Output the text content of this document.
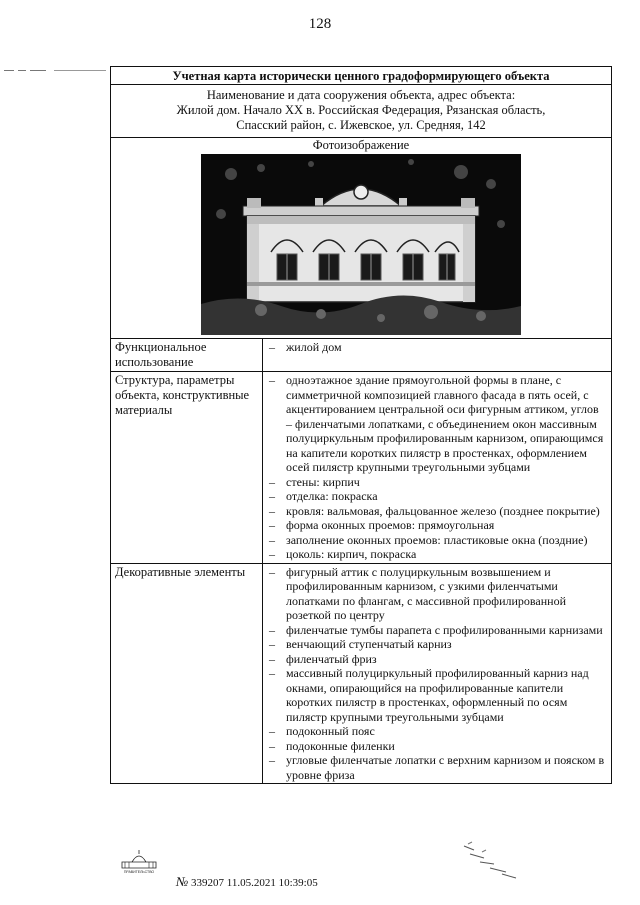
128
Учетная карта исторически ценного градоформирующего объекта
Наименование и дата сооружения объекта, адрес объекта:
Жилой дом. Начало XX в. Российская Федерация, Рязанская область,
Спасский район, с. Ижевское, ул. Средняя, 142
Фотоизображение
Функциональное использование
– жилой дом
Структура, параметры объекта, конструктивные материалы
– одноэтажное здание прямоугольной формы в плане, с симметричной композицией главного фасада в пять осей, с акцентированием центральной оси фигурным аттиком, углов – филенчатыми лопатками, с объединением окон массивным полуциркульным профилированным карнизом, опирающимся на капители коротких пилястр в простенках, оформлением осей пилястр крупными треугольными зубцами
– стены: кирпич
– отделка: покраска
– кровля: вальмовая, фальцованное железо (позднее покрытие)
– форма оконных проемов: прямоугольная
– заполнение оконных проемов: пластиковые окна (поздние)
– цоколь: кирпич, покраска
Декоративные элементы	– фигурный аттик с полуциркульным возвышением и профилированным карнизом, с узкими филенчатыми лопатками по флангам, с массивной профилированной розеткой по центру
– филенчатые тумбы парапета с профилированными карнизами
– венчающий ступенчатый карниз
– филенчатый фриз
– массивный полуциркульный профилированный карниз над окнами, опирающийся на профилированные капители коротких пилястр в простенках, оформленный по осям пилястр крупными треугольными зубцами
– подоконный пояс
– подоконные филенки
– угловые филенчатые лопатки с верхним карнизом и пояском в уровне фриза
ПРАВИТЕЛЬСТВО
№ 339207 11.05.2021 10:39:05
